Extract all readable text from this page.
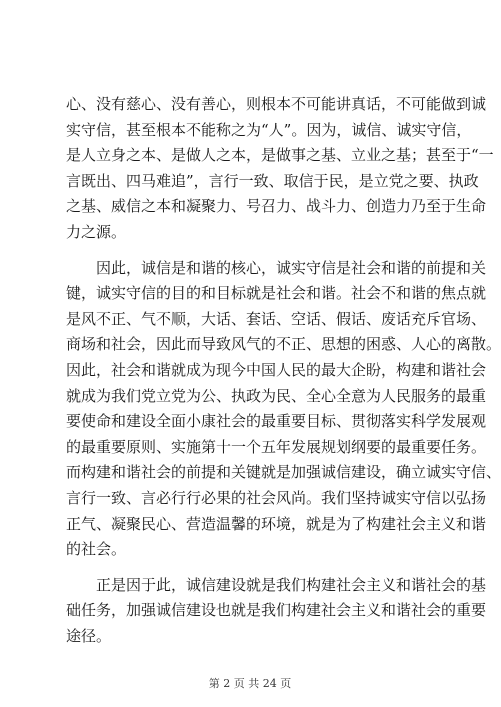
心、没有慈心、没有善心，则根本不可能讲真话，不可能做到诚
实守信，甚至根本不能称之为“人”。因为，诚信、诚实守信，
是人立身之本、是做人之本，是做事之基、立业之基；甚至于“一
言既出、四马难追”，言行一致、取信于民，是立党之要、执政
之基、威信之本和凝聚力、号召力、战斗力、创造力乃至于生命
力之源。
因此，诚信是和谐的核心，诚实守信是社会和谐的前提和关
键，诚实守信的目的和目标就是社会和谐。社会不和谐的焦点就
是风不正、气不顺，大话、套话、空话、假话、废话充斥官场、
商场和社会，因此而导致风气的不正、思想的困惑、人心的离散。
因此，社会和谐就成为现今中国人民的最大企盼，构建和谐社会
就成为我们党立党为公、执政为民、全心全意为人民服务的最重
要使命和建设全面小康社会的最重要目标、贯彻落实科学发展观
的最重要原则、实施第十一个五年发展规划纲要的最重要任务。
而构建和谐社会的前提和关键就是加强诚信建设，确立诚实守信、
言行一致、言必行行必果的社会风尚。我们坚持诚实守信以弘扬
正气、凝聚民心、营造温馨的环境，就是为了构建社会主义和谐
的社会。
正是因于此，诚信建设就是我们构建社会主义和谐社会的基
础任务，加强诚信建设也就是我们构建社会主义和谐社会的重要
途径。
第 2 页 共 24 页
